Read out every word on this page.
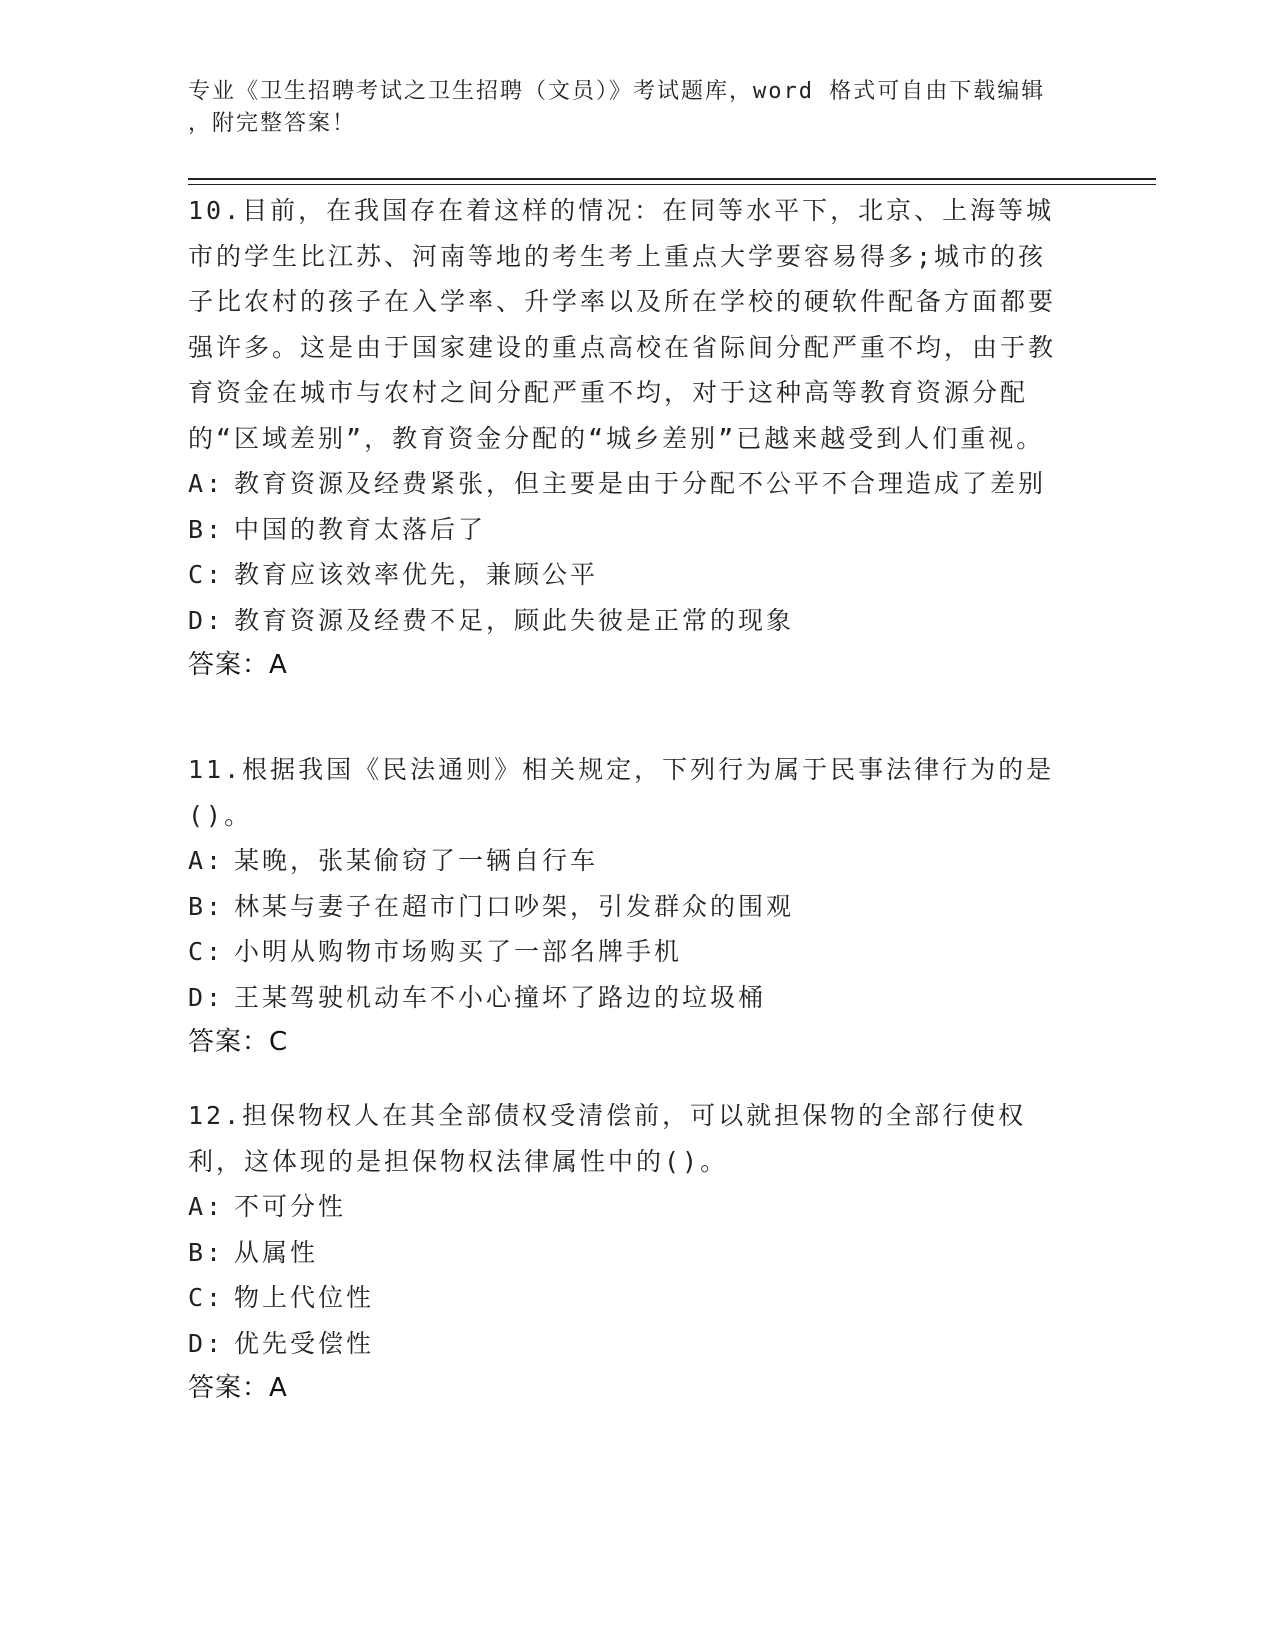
专业《卫生招聘考试之卫生招聘（文员）》考试题库，word 格式可自由下载编辑
，附完整答案！
10.目前，在我国存在着这样的情况：在同等水平下，北京、上海等城市的学生比江苏、河南等地的考生考上重点大学要容易得多;城市的孩子比农村的孩子在入学率、升学率以及所在学校的硬软件配备方面都要强许多。这是由于国家建设的重点高校在省际间分配严重不均，由于教育资金在城市与农村之间分配严重不均，对于这种高等教育资源分配的“区域差别”，教育资金分配的“城乡差别”已越来越受到人们重视。
A: 教育资源及经费紧张，但主要是由于分配不公平不合理造成了差别
B: 中国的教育太落后了
C: 教育应该效率优先，兼顾公平
D: 教育资源及经费不足，顾此失彼是正常的现象
答案：A
11.根据我国《民法通则》相关规定，下列行为属于民事法律行为的是()。
A: 某晚，张某偷窃了一辆自行车
B: 林某与妻子在超市门口吵架，引发群众的围观
C: 小明从购物市场购买了一部名牌手机
D: 王某驾驶机动车不小心撞坏了路边的垃圾桶
答案：C
12.担保物权人在其全部债权受清偿前，可以就担保物的全部行使权利，这体现的是担保物权法律属性中的()。
A: 不可分性
B: 从属性
C: 物上代位性
D: 优先受偿性
答案：A
